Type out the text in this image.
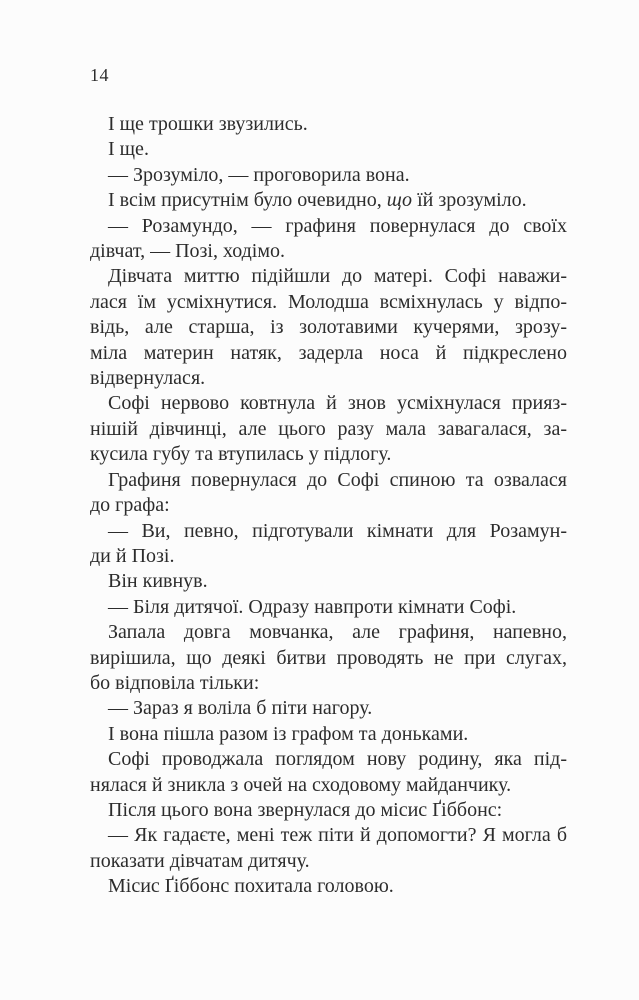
14
І ще трошки звузились.
І ще.
— Зрозуміло, — проговорила вона.
І всім присутнім було очевидно, що їй зрозуміло.
— Розамундо, — графиня повернулася до своїх
дівчат, — Позі, ходімо.
Дівчата миттю підійшли до матері. Софі наважи-
лася їм усміхнутися. Молодша всміхнулась у відпо-
відь, але старша, із золотавими кучерями, зрозу-
міла материн натяк, задерла носа й підкреслено
відвернулася.
Софі нервово ковтнула й знов усміхнулася прияз-
нішій дівчинці, але цього разу мала завагалася, за-
кусила губу та втупилась у підлогу.
Графиня повернулася до Софі спиною та озвалася
до графа:
— Ви, певно, підготували кімнати для Розамун-
ди й Позі.
Він кивнув.
— Біля дитячої. Одразу навпроти кімнати Софі.
Запала довга мовчанка, але графиня, напевно,
вирішила, що деякі битви проводять не при слугах,
бо відповіла тільки:
— Зараз я воліла б піти нагору.
І вона пішла разом із графом та доньками.
Софі проводжала поглядом нову родину, яка під-
нялася й зникла з очей на сходовому майданчику.
Після цього вона звернулася до місис Ґіббонс:
— Як гадаєте, мені теж піти й допомогти? Я могла б
показати дівчатам дитячу.
Місис Ґіббонс похитала головою.
